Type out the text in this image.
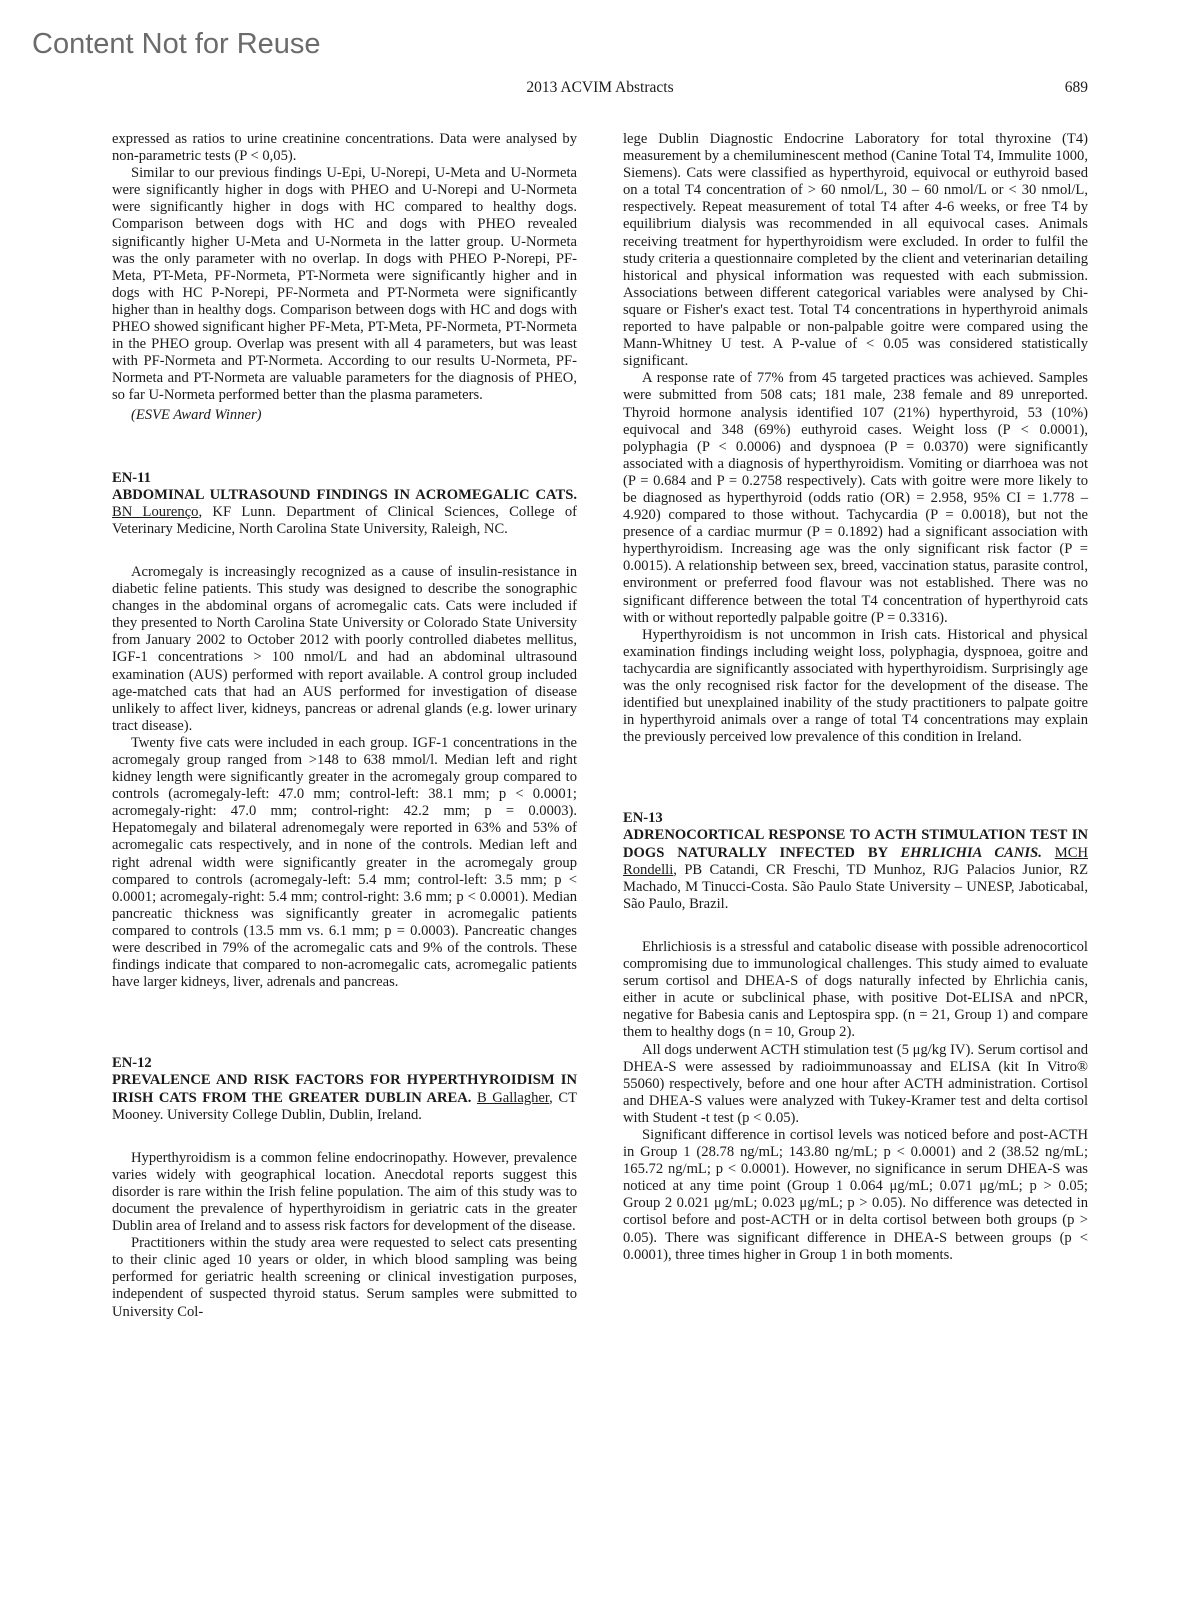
Content Not for Reuse
2013 ACVIM Abstracts	689

expressed as ratios to urine creatinine concentrations. Data were analysed by non-parametric tests (P < 0,05).

Similar to our previous findings U-Epi, U-Norepi, U-Meta and U-Normeta were significantly higher in dogs with PHEO and U-Norepi and U-Normeta were significantly higher in dogs with HC compared to healthy dogs. Comparison between dogs with HC and dogs with PHEO revealed significantly higher U-Meta and U-Normeta in the latter group. U-Normeta was the only parameter with no overlap. In dogs with PHEO P-Norepi, PF-Meta, PT-Meta, PF-Normeta, PT-Normeta were significantly higher and in dogs with HC P-Norepi, PF-Normeta and PT-Normeta were significantly higher than in healthy dogs. Comparison between dogs with HC and dogs with PHEO showed significant higher PF-Meta, PT-Meta, PF-Normeta, PT-Normeta in the PHEO group. Overlap was present with all 4 parameters, but was least with PF-Normeta and PT-Normeta. According to our results U-Normeta, PF-Normeta and PT-Normeta are valuable parameters for the diagnosis of PHEO, so far U-Normeta performed better than the plasma parameters.

(ESVE Award Winner)

EN-11
ABDOMINAL ULTRASOUND FINDINGS IN ACROMEGALIC CATS. BN Lourenço, KF Lunn. Department of Clinical Sciences, College of Veterinary Medicine, North Carolina State University, Raleigh, NC.

Acromegaly is increasingly recognized as a cause of insulin-resistance in diabetic feline patients. This study was designed to describe the sonographic changes in the abdominal organs of acromegalic cats. Cats were included if they presented to North Carolina State University or Colorado State University from January 2002 to October 2012 with poorly controlled diabetes mellitus, IGF-1 concentrations > 100 nmol/L and had an abdominal ultrasound examination (AUS) performed with report available. A control group included age-matched cats that had an AUS performed for investigation of disease unlikely to affect liver, kidneys, pancreas or adrenal glands (e.g. lower urinary tract disease).

Twenty five cats were included in each group. IGF-1 concentrations in the acromegaly group ranged from >148 to 638 mmol/l. Median left and right kidney length were significantly greater in the acromegaly group compared to controls (acromegaly-left: 47.0 mm; control-left: 38.1 mm; p < 0.0001; acromegaly-right: 47.0 mm; control-right: 42.2 mm; p = 0.0003). Hepatomegaly and bilateral adrenomegaly were reported in 63% and 53% of acromegalic cats respectively, and in none of the controls. Median left and right adrenal width were significantly greater in the acromegaly group compared to controls (acromegaly-left: 5.4 mm; control-left: 3.5 mm; p < 0.0001; acromegaly-right: 5.4 mm; control-right: 3.6 mm; p < 0.0001). Median pancreatic thickness was significantly greater in acromegalic patients compared to controls (13.5 mm vs. 6.1 mm; p = 0.0003). Pancreatic changes were described in 79% of the acromegalic cats and 9% of the controls. These findings indicate that compared to non-acromegalic cats, acromegalic patients have larger kidneys, liver, adrenals and pancreas.

EN-12
PREVALENCE AND RISK FACTORS FOR HYPERTHYROIDISM IN IRISH CATS FROM THE GREATER DUBLIN AREA. B Gallagher, CT Mooney. University College Dublin, Dublin, Ireland.

Hyperthyroidism is a common feline endocrinopathy. However, prevalence varies widely with geographical location. Anecdotal reports suggest this disorder is rare within the Irish feline population. The aim of this study was to document the prevalence of hyperthyroidism in geriatric cats in the greater Dublin area of Ireland and to assess risk factors for development of the disease.

Practitioners within the study area were requested to select cats presenting to their clinic aged 10 years or older, in which blood sampling was being performed for geriatric health screening or clinical investigation purposes, independent of suspected thyroid status. Serum samples were submitted to University Col-

lege Dublin Diagnostic Endocrine Laboratory for total thyroxine (T4) measurement by a chemiluminescent method (Canine Total T4, Immulite 1000, Siemens). Cats were classified as hyperthyroid, equivocal or euthyroid based on a total T4 concentration of > 60 nmol/L, 30 – 60 nmol/L or < 30 nmol/L, respectively. Repeat measurement of total T4 after 4-6 weeks, or free T4 by equilibrium dialysis was recommended in all equivocal cases. Animals receiving treatment for hyperthyroidism were excluded. In order to fulfil the study criteria a questionnaire completed by the client and veterinarian detailing historical and physical information was requested with each submission. Associations between different categorical variables were analysed by Chi-square or Fisher's exact test. Total T4 concentrations in hyperthyroid animals reported to have palpable or non-palpable goitre were compared using the Mann-Whitney U test. A P-value of < 0.05 was considered statistically significant.

A response rate of 77% from 45 targeted practices was achieved. Samples were submitted from 508 cats; 181 male, 238 female and 89 unreported. Thyroid hormone analysis identified 107 (21%) hyperthyroid, 53 (10%) equivocal and 348 (69%) euthyroid cases. Weight loss (P < 0.0001), polyphagia (P < 0.0006) and dyspnoea (P = 0.0370) were significantly associated with a diagnosis of hyperthyroidism. Vomiting or diarrhoea was not (P = 0.684 and P = 0.2758 respectively). Cats with goitre were more likely to be diagnosed as hyperthyroid (odds ratio (OR) = 2.958, 95% CI = 1.778 – 4.920) compared to those without. Tachycardia (P = 0.0018), but not the presence of a cardiac murmur (P = 0.1892) had a significant association with hyperthyroidism. Increasing age was the only significant risk factor (P = 0.0015). A relationship between sex, breed, vaccination status, parasite control, environment or preferred food flavour was not established. There was no significant difference between the total T4 concentration of hyperthyroid cats with or without reportedly palpable goitre (P = 0.3316).

Hyperthyroidism is not uncommon in Irish cats. Historical and physical examination findings including weight loss, polyphagia, dyspnoea, goitre and tachycardia are significantly associated with hyperthyroidism. Surprisingly age was the only recognised risk factor for the development of the disease. The identified but unexplained inability of the study practitioners to palpate goitre in hyperthyroid animals over a range of total T4 concentrations may explain the previously perceived low prevalence of this condition in Ireland.

EN-13
ADRENOCORTICAL RESPONSE TO ACTH STIMULATION TEST IN DOGS NATURALLY INFECTED BY EHRLICHIA CANIS. MCH Rondelli, PB Catandi, CR Freschi, TD Munhoz, RJG Palacios Junior, RZ Machado, M Tinucci-Costa. São Paulo State University – UNESP, Jaboticabal, São Paulo, Brazil.

Ehrlichiosis is a stressful and catabolic disease with possible adrenocorticol compromising due to immunological challenges. This study aimed to evaluate serum cortisol and DHEA-S of dogs naturally infected by Ehrlichia canis, either in acute or subclinical phase, with positive Dot-ELISA and nPCR, negative for Babesia canis and Leptospira spp. (n = 21, Group 1) and compare them to healthy dogs (n = 10, Group 2).

All dogs underwent ACTH stimulation test (5 μg/kg IV). Serum cortisol and DHEA-S were assessed by radioimmunoassay and ELISA (kit In Vitro® 55060) respectively, before and one hour after ACTH administration. Cortisol and DHEA-S values were analyzed with Tukey-Kramer test and delta cortisol with Student -t test (p < 0.05).

Significant difference in cortisol levels was noticed before and post-ACTH in Group 1 (28.78 ng/mL; 143.80 ng/mL; p < 0.0001) and 2 (38.52 ng/mL; 165.72 ng/mL; p < 0.0001). However, no significance in serum DHEA-S was noticed at any time point (Group 1 0.064 μg/mL; 0.071 μg/mL; p > 0.05; Group 2 0.021 μg/mL; 0.023 μg/mL; p > 0.05). No difference was detected in cortisol before and post-ACTH or in delta cortisol between both groups (p > 0.05). There was significant difference in DHEA-S between groups (p < 0.0001), three times higher in Group 1 in both moments.
